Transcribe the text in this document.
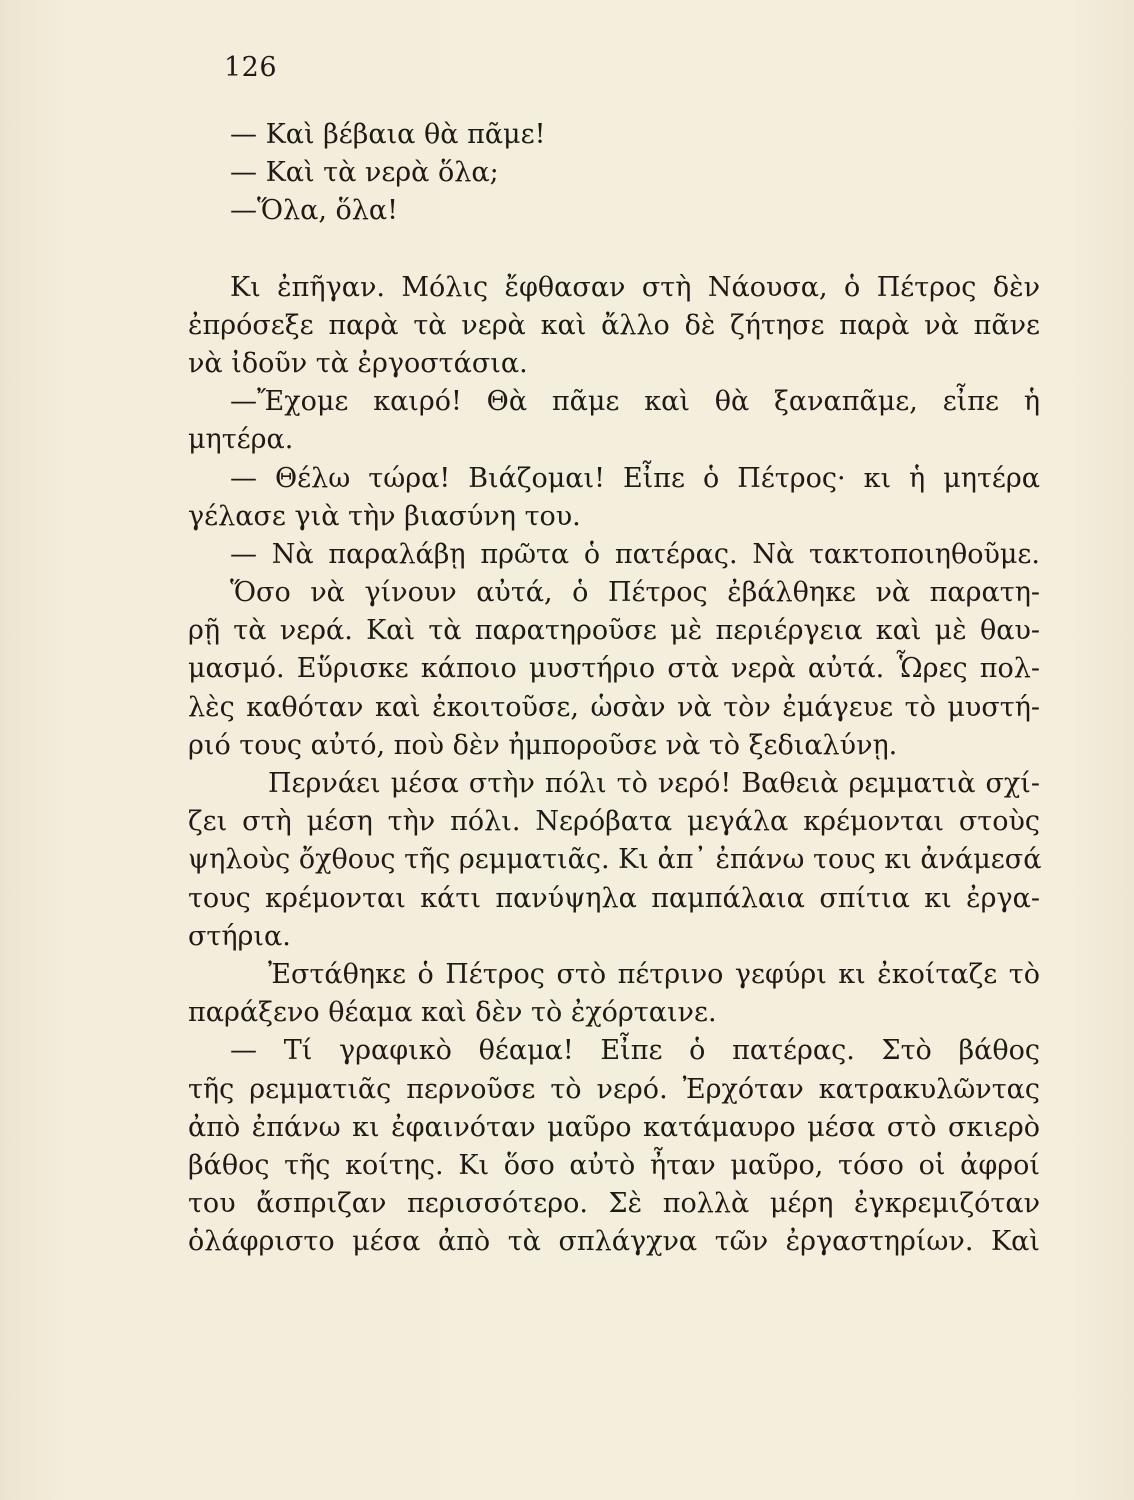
126
— Καὶ βέβαια θὰ πᾶμε!
— Καὶ τὰ νερὰ ὅλα;
—Ὅλα, ὅλα!
Κι ἐπῆγαν. Μόλις ἔφθασαν στὴ Νάουσα, ὁ Πέτρος δὲν
ἐπρόσεξε παρὰ τὰ νερὰ καὶ ἄλλο δὲ ζήτησε παρὰ νὰ πᾶνε
νὰ ἰδοῦν τὰ ἐργοστάσια.
—Ἔχομε καιρό! Θὰ πᾶμε καὶ θὰ ξαναπᾶμε, εἶπε ἡ
μητέρα.
— Θέλω τώρα! Βιάζομαι! Εἶπε ὁ Πέτρος· κι ἡ μητέρα
γέλασε γιὰ τὴν βιασύνη του.
— Νὰ παραλάβῃ πρῶτα ὁ πατέρας. Νὰ τακτοποιηθοῦμε.
Ὅσο νὰ γίνουν αὐτά, ὁ Πέτρος ἐβάλθηκε νὰ παρατη-
ρῇ τὰ νερά. Καὶ τὰ παρατηροῦσε μὲ περιέργεια καὶ μὲ θαυ-
μασμό. Εὕρισκε κάποιο μυστήριο στὰ νερὰ αὐτά. Ὧρες πολ-
λὲς καθόταν καὶ ἐκοιτοῦσε, ὡσὰν νὰ τὸν ἐμάγευε τὸ μυστή-
ριό τους αὐτό, ποὺ δὲν ἠμποροῦσε νὰ τὸ ξεδιαλύνῃ.
Περνάει μέσα στὴν πόλι τὸ νερό! Βαθειὰ ρεμματιὰ σχί-
ζει στὴ μέση τὴν πόλι. Νερόβατα μεγάλα κρέμονται στοὺς
ψηλοὺς ὄχθους τῆς ρεμματιᾶς. Κι ἀπ᾽ ἐπάνω τους κι ἀνάμεσά
τους κρέμονται κάτι πανύψηλα παμπάλαια σπίτια κι ἐργα-
στήρια.
Ἐστάθηκε ὁ Πέτρος στὸ πέτρινο γεφύρι κι ἐκοίταζε τὸ
παράξενο θέαμα καὶ δὲν τὸ ἐχόρταινε.
— Τί γραφικὸ θέαμα! Εἶπε ὁ πατέρας. Στὸ βάθος
τῆς ρεμματιᾶς περνοῦσε τὸ νερό. Ἐρχόταν κατρακυλῶντας
ἀπὸ ἐπάνω κι ἐφαινόταν μαῦρο κατάμαυρο μέσα στὸ σκιερὸ
βάθος τῆς κοίτης. Κι ὅσο αὐτὸ ἦταν μαῦρο, τόσο οἱ ἀφροί
του ἄσπριζαν περισσότερο. Σὲ πολλὰ μέρη ἐγκρεμιζόταν
ὁλάφριστο μέσα ἀπὸ τὰ σπλάγχνα τῶν ἐργαστηρίων. Καὶ
